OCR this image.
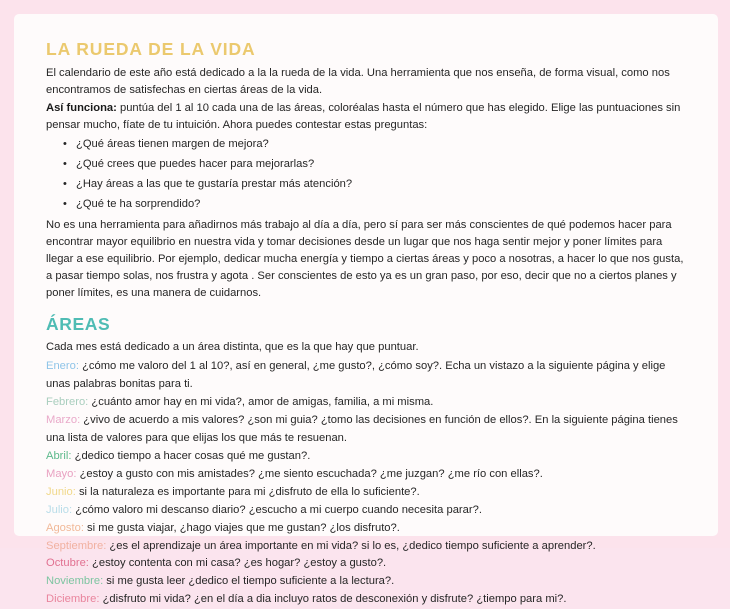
LA RUEDA DE LA VIDA

El calendario de este año está dedicado a la la rueda de la vida. Una herramienta que nos enseña, de forma visual, como nos encontramos de satisfechas en ciertas áreas de la vida.

Así funciona: puntúa del 1 al 10 cada una de las áreas, coloréalas hasta el número que has elegido. Elige las puntuaciones sin pensar mucho, fíate de tu intuición. Ahora puedes contestar estas preguntas:

• ¿Qué áreas tienen margen de mejora?
• ¿Qué crees que puedes hacer para mejorarlas?
• ¿Hay áreas a las que te gustaría prestar más atención?
• ¿Qué te ha sorprendido?

No es una herramienta para añadirnos más trabajo al día a día, pero sí para ser más conscientes de qué podemos hacer para encontrar mayor equilibrio en nuestra vida y tomar decisiones desde un lugar que nos haga sentir mejor y poner límites para llegar a ese equilibrio. Por ejemplo, dedicar mucha energía y tiempo a ciertas áreas y poco a nosotras, a hacer lo que nos gusta, a pasar tiempo solas, nos frustra y agota . Ser conscientes de esto ya es un gran paso, por eso, decir que no a ciertos planes y poner límites, es una manera de cuidarnos.

ÁREAS

Cada mes está dedicado a un área distinta, que es la que hay que puntuar.

Enero: ¿cómo me valoro del 1 al 10?, así en general, ¿me gusto?, ¿cómo soy?. Echa un vistazo a la siguiente página y elige unas palabras bonitas para ti.
Febrero: ¿cuánto amor hay en mi vida?, amor de amigas, familia, a mi misma.
Marzo: ¿vivo de acuerdo a mis valores? ¿son mi guia? ¿tomo las decisiones en función de ellos?. En la siguiente página tienes una lista de valores para que elijas los que más te resuenan.
Abril: ¿dedico tiempo a hacer cosas qué me gustan?.
Mayo: ¿estoy a gusto con mis amistades? ¿me siento escuchada? ¿me juzgan? ¿me río con ellas?.
Junio: si la naturaleza es importante para mi ¿disfruto de ella lo suficiente?.
Julio: ¿cómo valoro mi descanso diario? ¿escucho a mi cuerpo cuando necesita parar?.
Agosto: si me gusta viajar, ¿hago viajes que me gustan? ¿los disfruto?.
Septiembre: ¿es el aprendizaje un área importante en mi vida? si lo es, ¿dedico tiempo suficiente a aprender?.
Octubre: ¿estoy contenta con mi casa? ¿es hogar? ¿estoy a gusto?.
Noviembre: si me gusta leer ¿dedico el tiempo suficiente a la lectura?.
Diciembre: ¿disfruto mi vida? ¿en el día a dia incluyo ratos de desconexión y disfrute? ¿tiempo para mi?.
